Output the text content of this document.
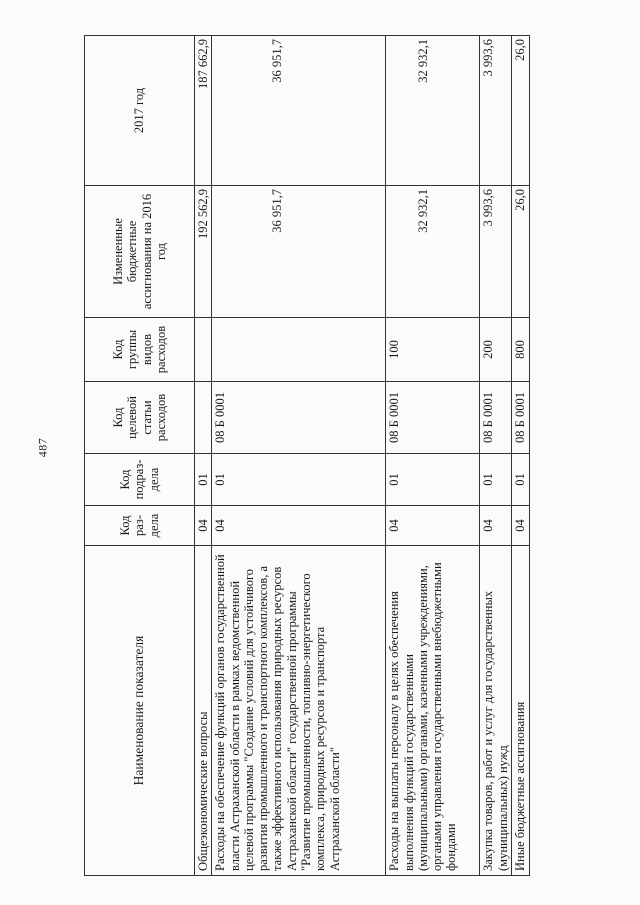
487
Наименование показателя	Код раз-дела	Код подраз-дела	Код целевой статьи расходов	Код группы видов расходов	Измененные бюджетные ассигнования на 2016 год	2017 год
Общеэкономические вопросы	04	01			192 562,9	187 662,9
Расходы на обеспечение функций органов государственной власти Астраханской области в рамках ведомственной целевой программы "Создание условий для устойчивого развития промышленного и транспортного комплексов, а также эффективного использования природных ресурсов Астраханской области" государственной программы "Развитие промышленности, топливно-энергетического комплекса, природных ресурсов и транспорта Астраханской области"	04	01	08 Б 0001		36 951,7	36 951,7
Расходы на выплаты персоналу в целях обеспечения выполнения функций государственными (муниципальными) органами, казенными учреждениями, органами управления государственными внебюджетными фондами	04	01	08 Б 0001	100	32 932,1	32 932,1
Закупка товаров, работ и услуг для государственных (муниципальных) нужд	04	01	08 Б 0001	200	3 993,6	3 993,6
Иные бюджетные ассигнования	04	01	08 Б 0001	800	26,0	26,0
